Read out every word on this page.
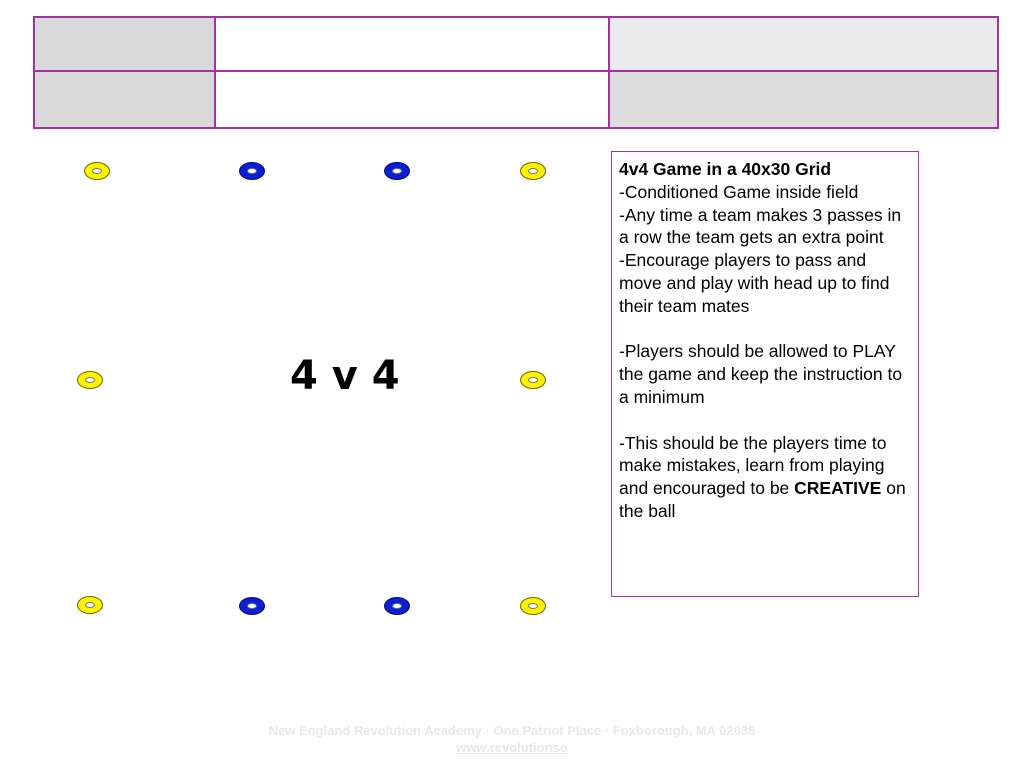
4 v 4

4v4 Game in a 40x30 Grid

-Conditioned Game inside field

-Any time a team makes 3 passes in a row the team gets an extra point

-Encourage players to pass and move and play with head up to find their team mates

-Players should be allowed to PLAY the game and keep the instruction to a minimum

-This should be the players time to make mistakes, learn from playing and encouraged to be CREATIVE on the ball

New England Revolution Academy · One Patriot Place · Foxborough, MA 02035
www.revolutionso
